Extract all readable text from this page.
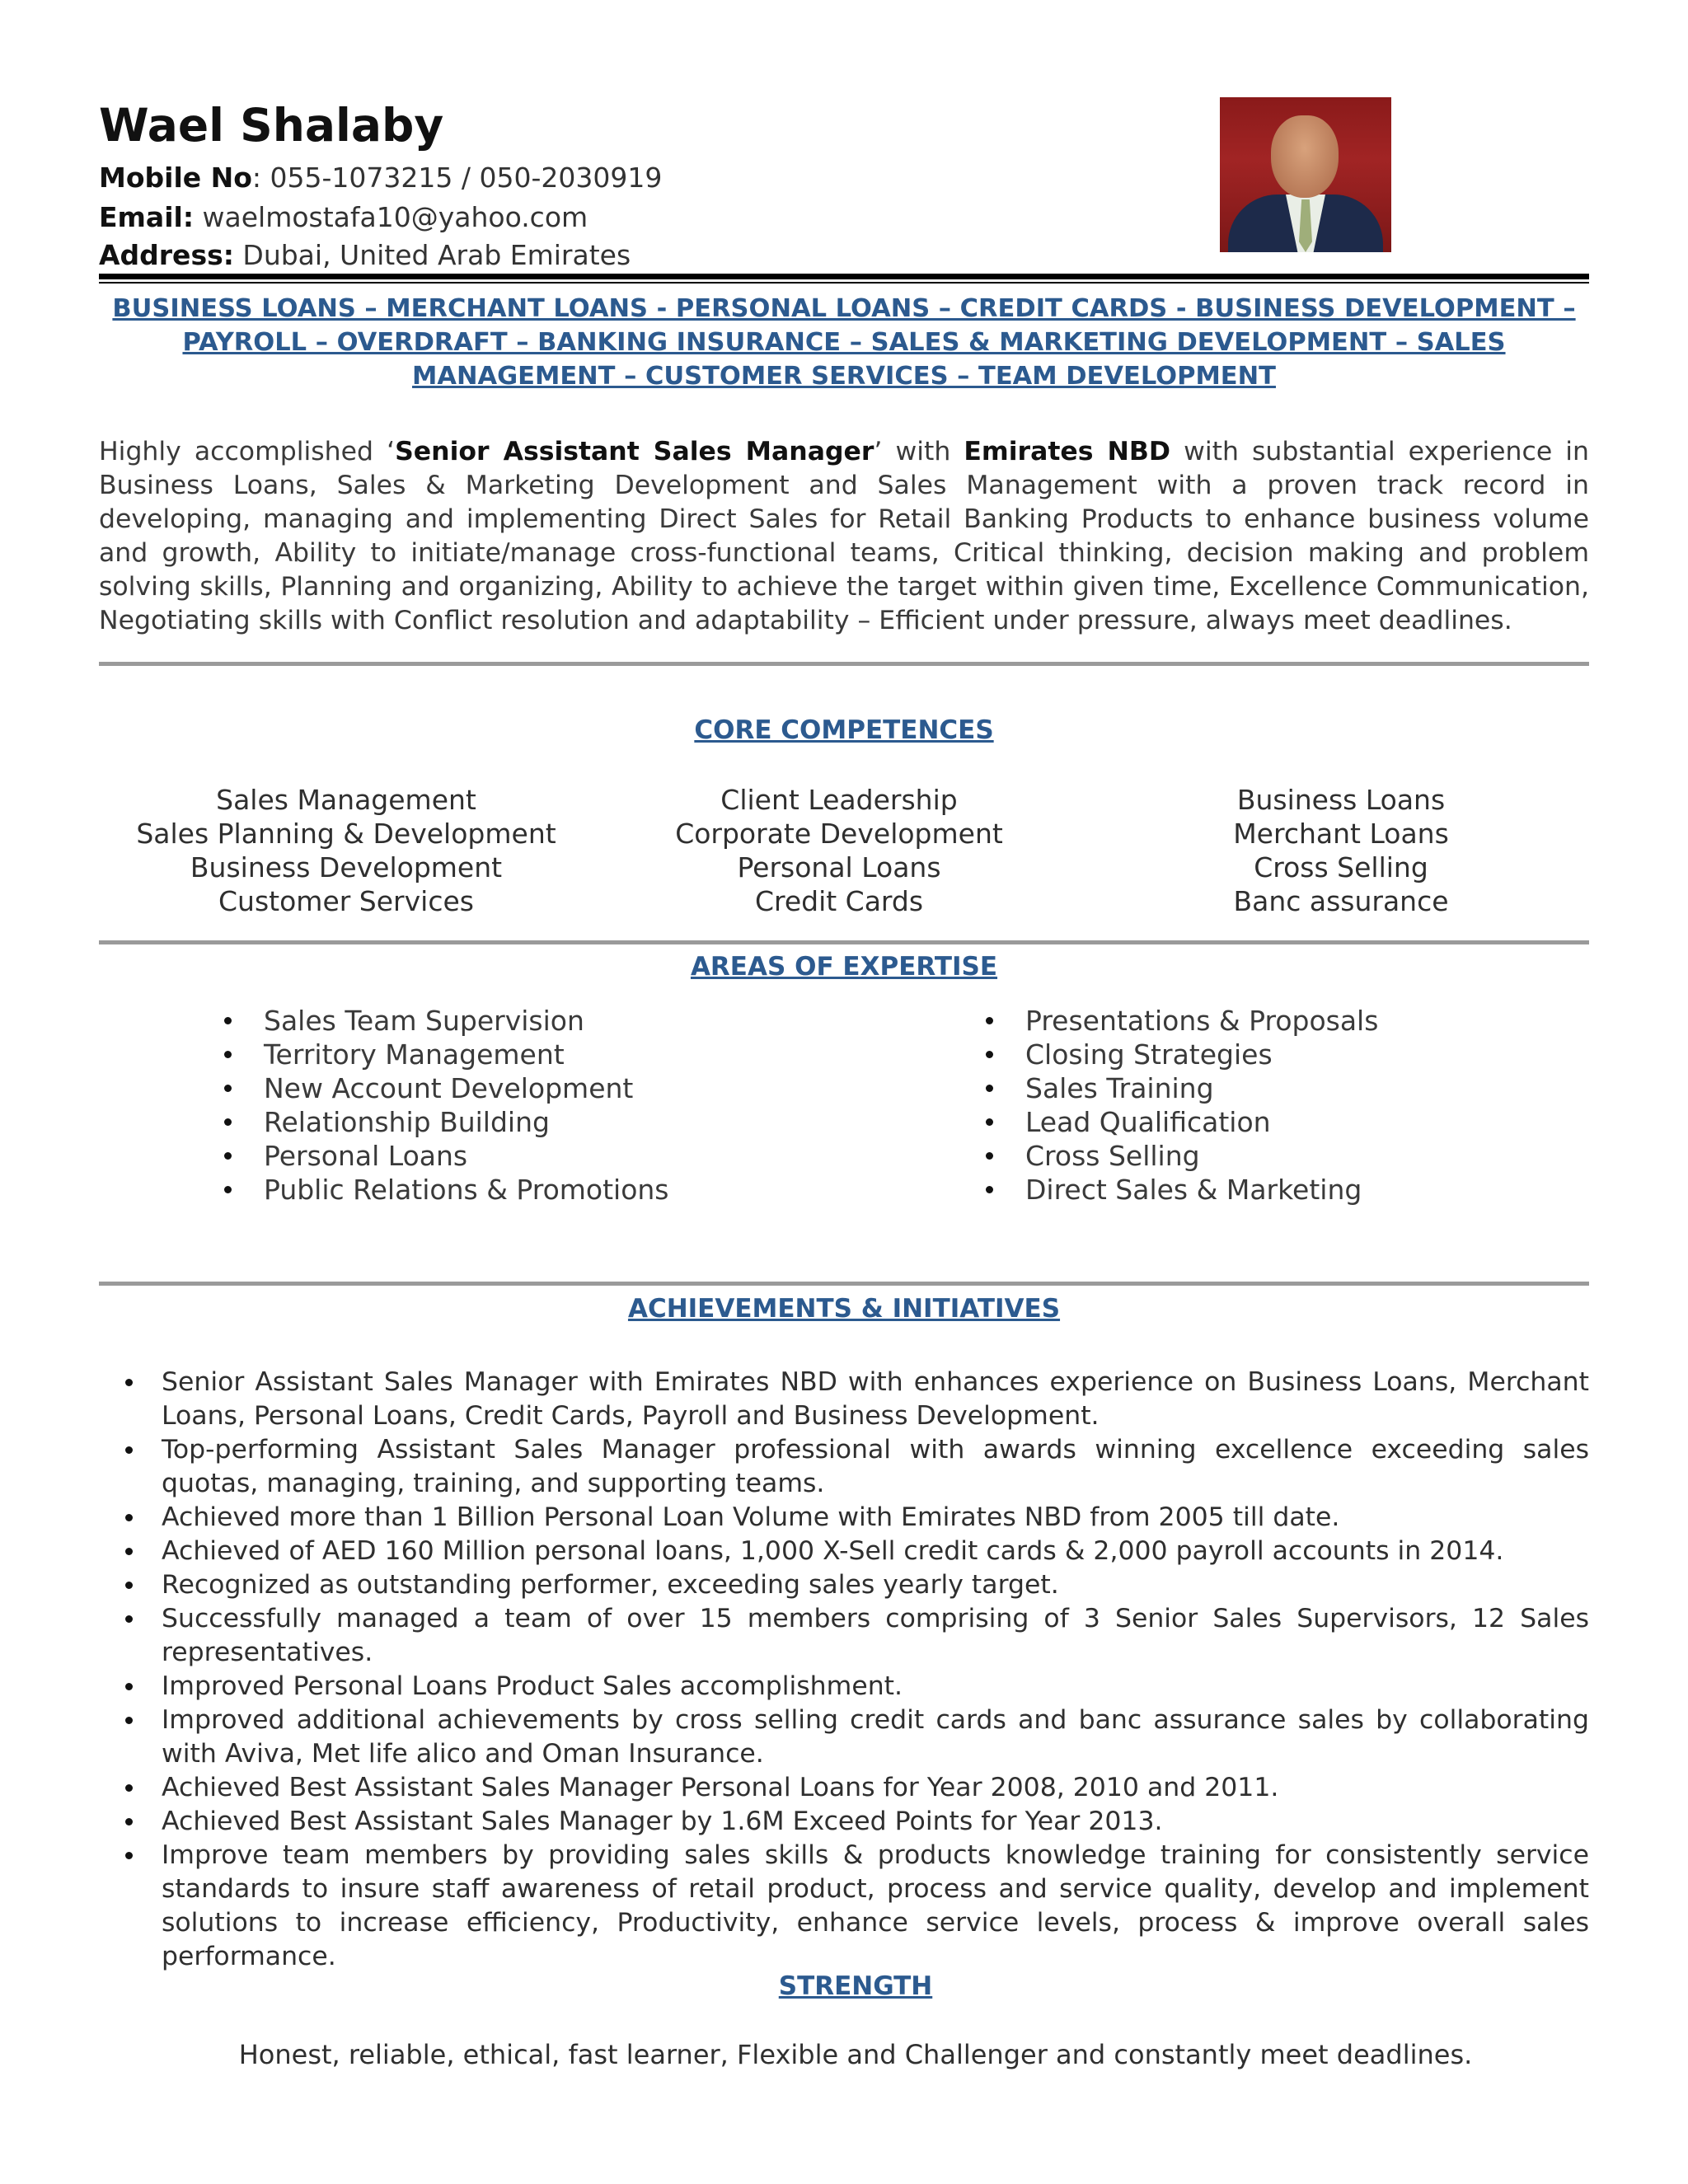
Wael Shalaby
Mobile No: 055-1073215 / 050-2030919
Email: waelmostafa10@yahoo.com
Address: Dubai, United Arab Emirates

BUSINESS LOANS – MERCHANT LOANS - PERSONAL LOANS – CREDIT CARDS - BUSINESS DEVELOPMENT – PAYROLL – OVERDRAFT – BANKING INSURANCE – SALES & MARKETING DEVELOPMENT – SALES MANAGEMENT – CUSTOMER SERVICES – TEAM DEVELOPMENT

Highly accomplished ‘Senior Assistant Sales Manager’ with Emirates NBD with substantial experience in Business Loans, Sales & Marketing Development and Sales Management with a proven track record in developing, managing and implementing Direct Sales for Retail Banking Products to enhance business volume and growth, Ability to initiate/manage cross-functional teams, Critical thinking, decision making and problem solving skills, Planning and organizing, Ability to achieve the target within given time, Excellence Communication, Negotiating skills with Conflict resolution and adaptability – Efficient under pressure, always meet deadlines.

CORE COMPETENCES
Sales Management
Sales Planning & Development
Business Development
Customer Services
Client Leadership
Corporate Development
Personal Loans
Credit Cards
Business Loans
Merchant Loans
Cross Selling
Banc assurance
AREAS OF EXPERTISE
Sales Team Supervision
Territory Management
New Account Development
Relationship Building
Personal Loans
Public Relations & Promotions
Presentations & Proposals
Closing Strategies
Sales Training
Lead Qualification
Cross Selling
Direct Sales & Marketing
ACHIEVEMENTS & INITIATIVES
Senior Assistant Sales Manager with Emirates NBD with enhances experience on Business Loans, Merchant Loans, Personal Loans, Credit Cards, Payroll and Business Development.
Top-performing Assistant Sales Manager professional with awards winning excellence exceeding sales quotas, managing, training, and supporting teams.
Achieved more than 1 Billion Personal Loan Volume with Emirates NBD from 2005 till date.
Achieved of AED 160 Million personal loans, 1,000 X-Sell credit cards & 2,000 payroll accounts in 2014.
Recognized as outstanding performer, exceeding sales yearly target.
Successfully managed a team of over 15 members comprising of 3 Senior Sales Supervisors, 12 Sales representatives.
Improved Personal Loans Product Sales accomplishment.
Improved additional achievements by cross selling credit cards and banc assurance sales by collaborating with Aviva, Met life alico and Oman Insurance.
Achieved Best Assistant Sales Manager Personal Loans for Year 2008, 2010 and 2011.
Achieved Best Assistant Sales Manager by 1.6M Exceed Points for Year 2013.
Improve team members by providing sales skills & products knowledge training for consistently service standards to insure staff awareness of retail product, process and service quality, develop and implement solutions to increase efficiency, Productivity, enhance service levels, process & improve overall sales performance.
STRENGTH

Honest, reliable, ethical, fast learner, Flexible and Challenger and constantly meet deadlines.
